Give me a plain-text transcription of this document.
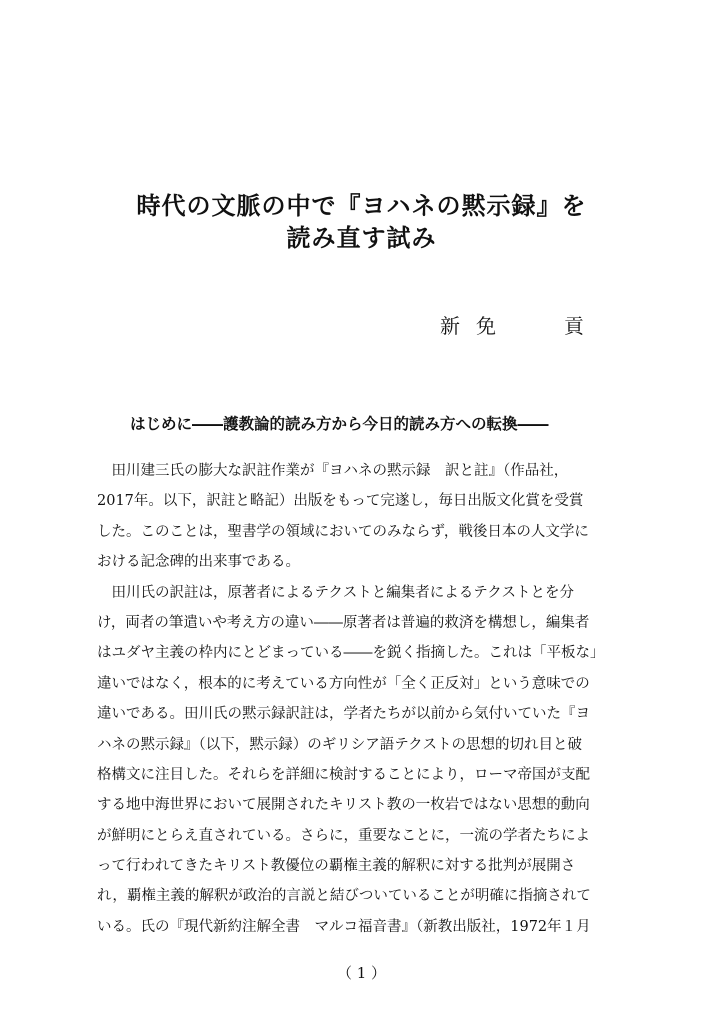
時代の文脈の中で『ヨハネの黙示録』を
読み直す試み
新 免	貢
はじめに――護教論的読み方から今日的読み方への転換――
　田川建三氏の膨大な訳註作業が『ヨハネの黙示録　訳と註』（作品社，
2017年。以下，訳註と略記）出版をもって完遂し，毎日出版文化賞を受賞
した。このことは，聖書学の領域においてのみならず，戦後日本の人文学に
おける記念碑的出来事である。
　田川氏の訳註は，原著者によるテクストと編集者によるテクストとを分
け，両者の筆遣いや考え方の違い――原著者は普遍的救済を構想し，編集者
はユダヤ主義の枠内にとどまっている――を鋭く指摘した。これは「平板な」
違いではなく，根本的に考えている方向性が「全く正反対」という意味での
違いである。田川氏の黙示録訳註は，学者たちが以前から気付いていた『ヨ
ハネの黙示録』（以下，黙示録）のギリシア語テクストの思想的切れ目と破
格構文に注目した。それらを詳細に検討することにより，ローマ帝国が支配
する地中海世界において展開されたキリスト教の一枚岩ではない思想的動向
が鮮明にとらえ直されている。さらに，重要なことに，一流の学者たちによ
って行われてきたキリスト教優位の覇権主義的解釈に対する批判が展開さ
れ，覇権主義的解釈が政治的言説と結びついていることが明確に指摘されて
いる。氏の『現代新約注解全書　マルコ福音書』（新教出版社，1972年１月
（ 1 ）
